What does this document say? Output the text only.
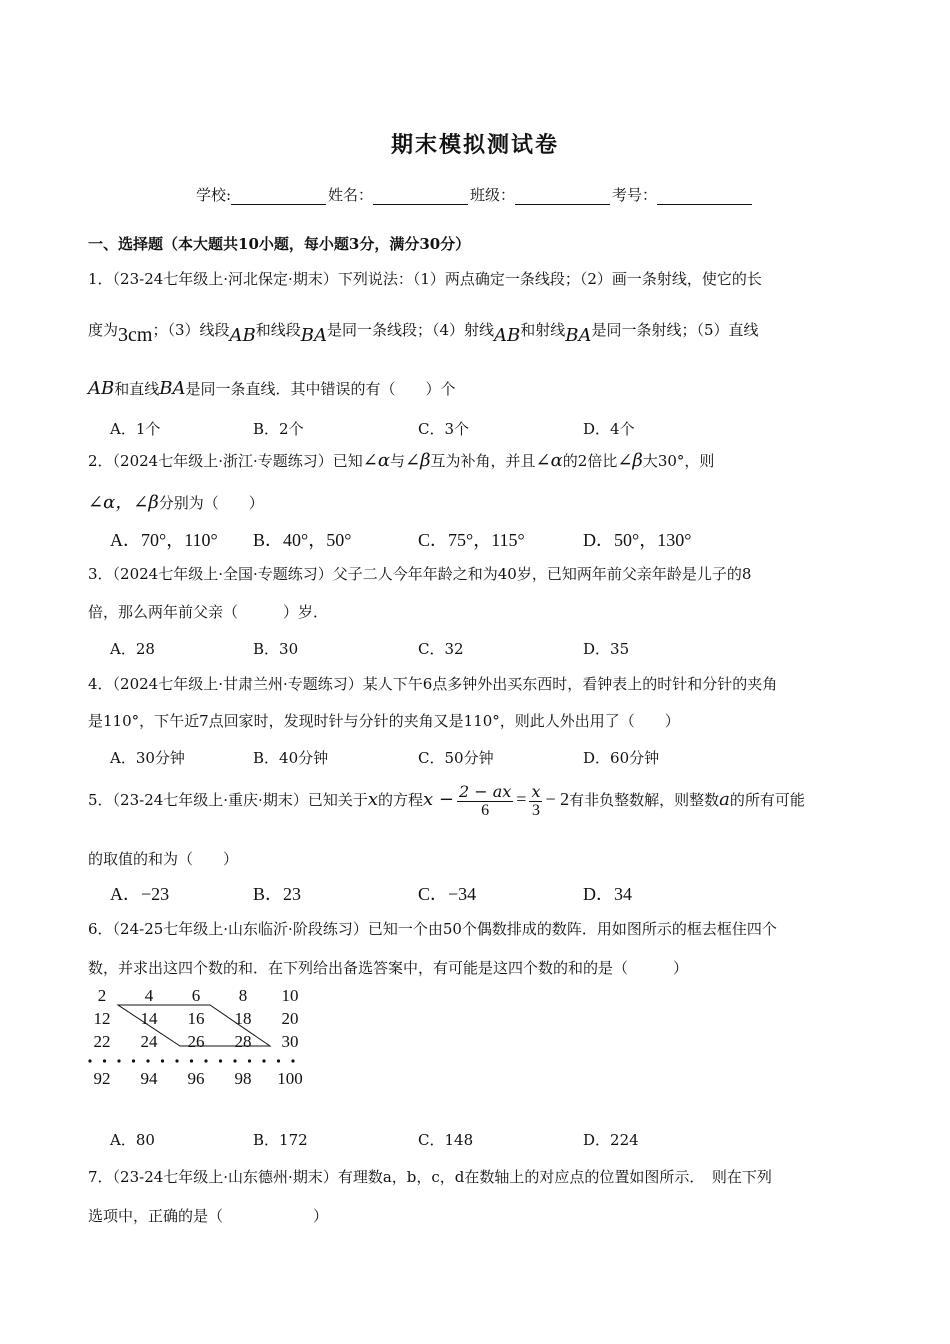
期末模拟测试卷
学校:	姓名：	班级：	考号：
一、选择题（本大题共10小题，每小题3分，满分30分）
1．（23-24七年级上·河北保定·期末）下列说法：（1）两点确定一条线段；（2）画一条射线，使它的长
度为3cm；（3）线段AB和线段BA是同一条线段；（4）射线AB和射线BA是同一条射线；（5）直线
AB和直线BA是同一条直线．其中错误的有（　　）个
A．1个	B．2个	C．3个	D．4个
2．（2024七年级上·浙江·专题练习）已知∠α与∠β互为补角，并且∠α的2倍比∠β大30°，则
∠α，∠β分别为（　　）
A．70°，110° B．40°，50°	C．75°，115°	D．50°，130°
3．（2024七年级上·全国·专题练习）父子二人今年年龄之和为40岁，已知两年前父亲年龄是儿子的8
倍，那么两年前父亲（　　　）岁．
A．28	B．30	C．32	D．35
4．（2024七年级上·甘肃兰州·专题练习）某人下午6点多钟外出买东西时，看钟表上的时针和分针的夹角
是110°，下午近7点回家时，发现时针与分针的夹角又是110°，则此人外出用了（　　）
A．30分钟	B．40分钟	C．50分钟	D．60分钟
5．（23-24七年级上·重庆·期末）已知关于x的方程$x - \frac{2 - ax}{6} = \frac{x}{3} - 2$有非负整数解，则整数a的所有可能
的取值的和为（　　）
A．−23	B．23	C．−34	D．34
6．（24-25七年级上·山东临沂·阶段练习）已知一个由50个偶数排成的数阵．用如图所示的框去框住四个
数，并求出这四个数的和．在下列给出备选答案中，有可能是这四个数的和的是（　　　）
2 4 6 8 10
12 14 16 18 20
22 24 26 28 30
92 94 96 98 100
A．80	B．172	C．148	D．224
7．（23-24七年级上·山东德州·期末）有理数a，b，c，d在数轴上的对应点的位置如图所示．　则在下列
选项中，正确的是（　　　　　　）
